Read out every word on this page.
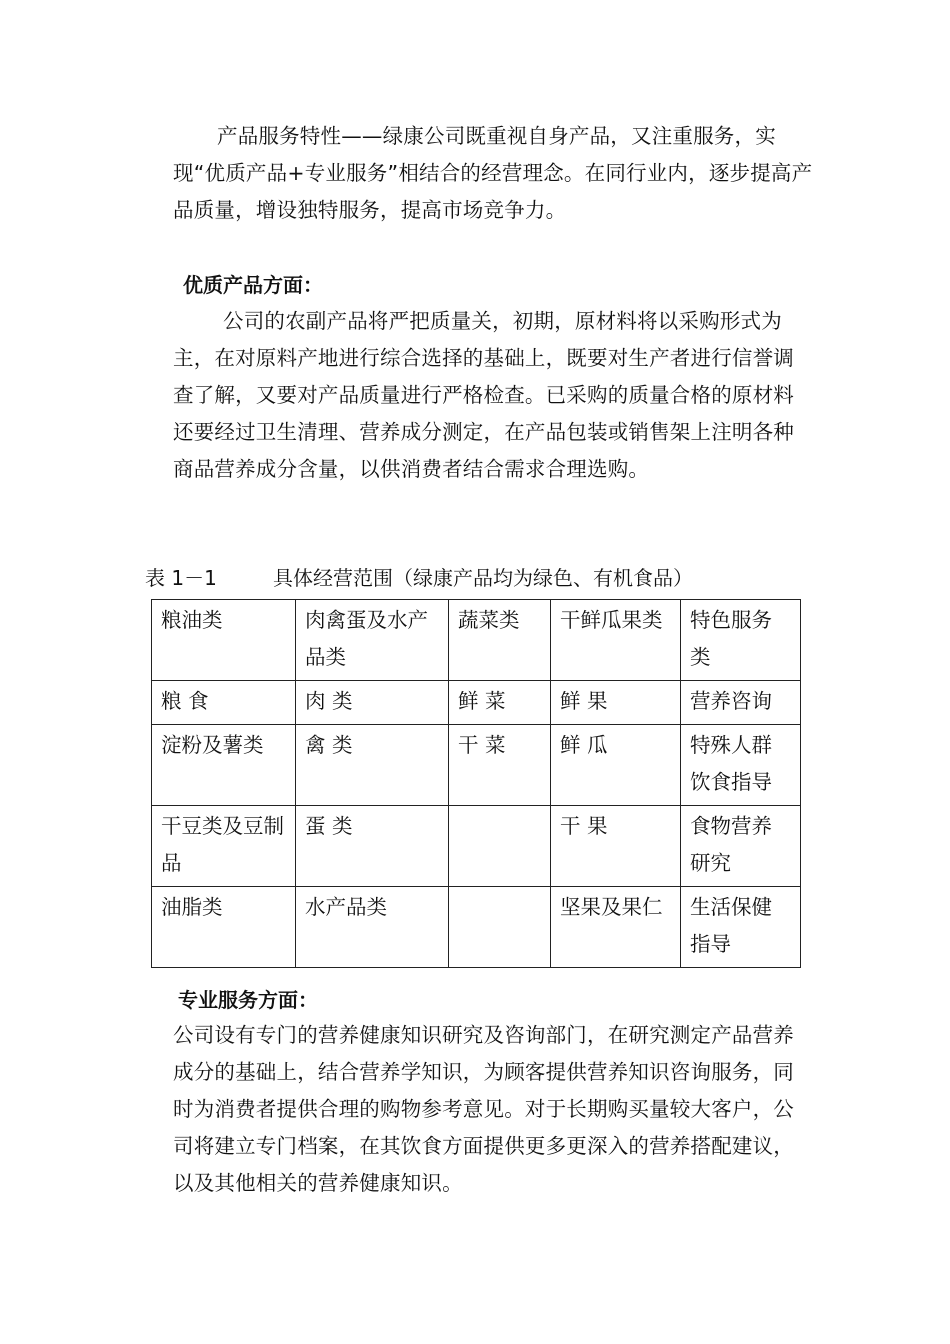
产品服务特性——绿康公司既重视自身产品，又注重服务，实现“优质产品+专业服务”相结合的经营理念。在同行业内，逐步提高产品质量，增设独特服务，提高市场竞争力。

优质产品方面：

公司的农副产品将严把质量关，初期，原材料将以采购形式为主，在对原料产地进行综合选择的基础上，既要对生产者进行信誉调查了解，又要对产品质量进行严格检查。已采购的质量合格的原材料还要经过卫生清理、营养成分测定，在产品包装或销售架上注明各种商品营养成分含量，以供消费者结合需求合理选购。

表 1－1	具体经营范围（绿康产品均为绿色、有机食品）

粮油类	肉禽蛋及水产品类	蔬菜类	干鲜瓜果类	特色服务类
粮 食	肉 类	鲜 菜	鲜 果	营养咨询
淀粉及薯类	禽 类	干 菜	鲜 瓜	特殊人群饮食指导
干豆类及豆制品	蛋 类		干 果	食物营养研究
油脂类	水产品类		坚果及果仁	生活保健指导

专业服务方面：

公司设有专门的营养健康知识研究及咨询部门，在研究测定产品营养成分的基础上，结合营养学知识，为顾客提供营养知识咨询服务，同时为消费者提供合理的购物参考意见。对于长期购买量较大客户，公司将建立专门档案，在其饮食方面提供更多更深入的营养搭配建议，以及其他相关的营养健康知识。
